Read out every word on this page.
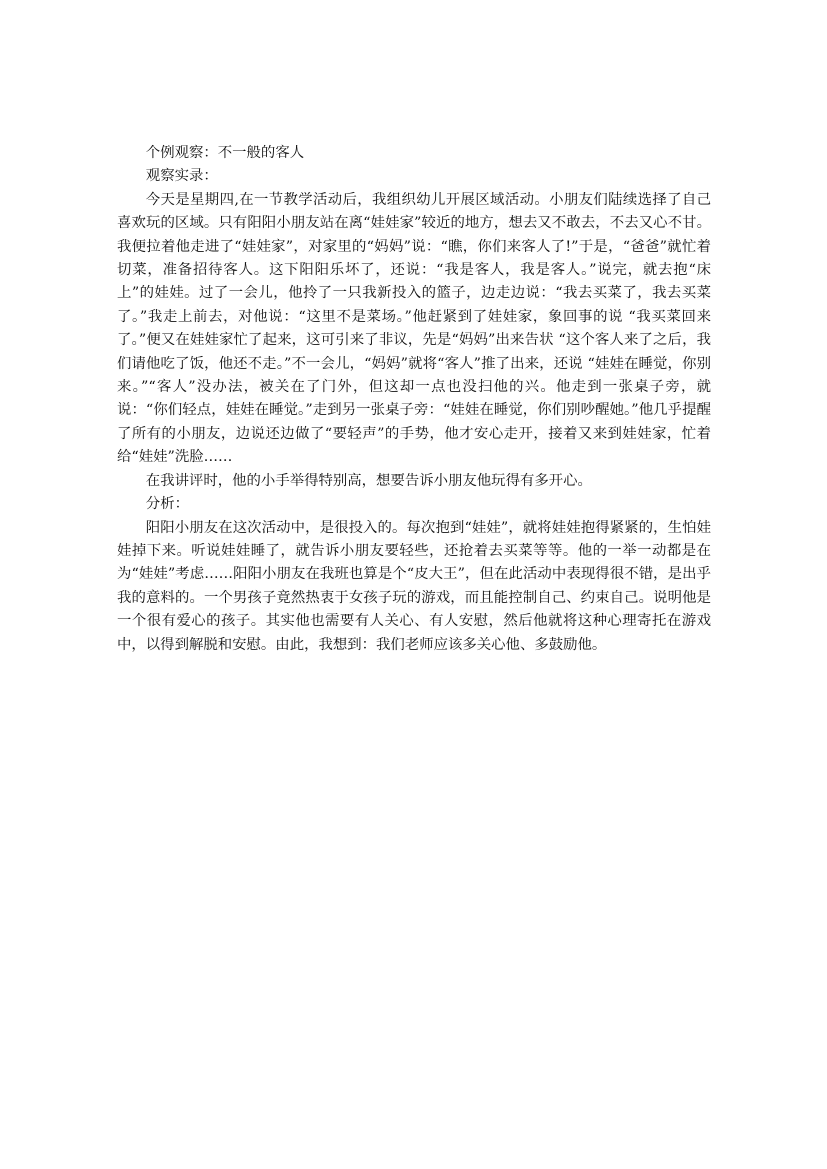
个例观察：不一般的客人

观察实录：

今天是星期四,在一节教学活动后，我组织幼儿开展区域活动。小朋友们陆续选择了自己喜欢玩的区域。只有阳阳小朋友站在离“娃娃家”较近的地方，想去又不敢去，不去又心不甘。我便拉着他走进了“娃娃家”，对家里的“妈妈”说：“瞧，你们来客人了!”于是，“爸爸”就忙着切菜，准备招待客人。这下阳阳乐坏了，还说：“我是客人，我是客人。”说完，就去抱“床上”的娃娃。过了一会儿，他拎了一只我新投入的篮子，边走边说：“我去买菜了，我去买菜了。”我走上前去，对他说：“这里不是菜场。”他赶紧到了娃娃家，象回事的说 “我买菜回来了。”便又在娃娃家忙了起来，这可引来了非议，先是“妈妈”出来告状 “这个客人来了之后，我们请他吃了饭，他还不走。”不一会儿，“妈妈”就将“客人”推了出来，还说 “娃娃在睡觉，你别来。”“客人”没办法，被关在了门外，但这却一点也没扫他的兴。他走到一张桌子旁，就说：“你们轻点，娃娃在睡觉。”走到另一张桌子旁：“娃娃在睡觉，你们别吵醒她。”他几乎提醒了所有的小朋友，边说还边做了“要轻声”的手势，他才安心走开，接着又来到娃娃家，忙着给“娃娃”洗脸……

在我讲评时，他的小手举得特别高，想要告诉小朋友他玩得有多开心。

分析：

阳阳小朋友在这次活动中，是很投入的。每次抱到“娃娃”，就将娃娃抱得紧紧的，生怕娃娃掉下来。听说娃娃睡了，就告诉小朋友要轻些，还抢着去买菜等等。他的一举一动都是在为“娃娃”考虑……阳阳小朋友在我班也算是个“皮大王”，但在此活动中表现得很不错，是出乎我的意料的。一个男孩子竟然热衷于女孩子玩的游戏，而且能控制自己、约束自己。说明他是一个很有爱心的孩子。其实他也需要有人关心、有人安慰，然后他就将这种心理寄托在游戏中，以得到解脱和安慰。由此，我想到：我们老师应该多关心他、多鼓励他。
